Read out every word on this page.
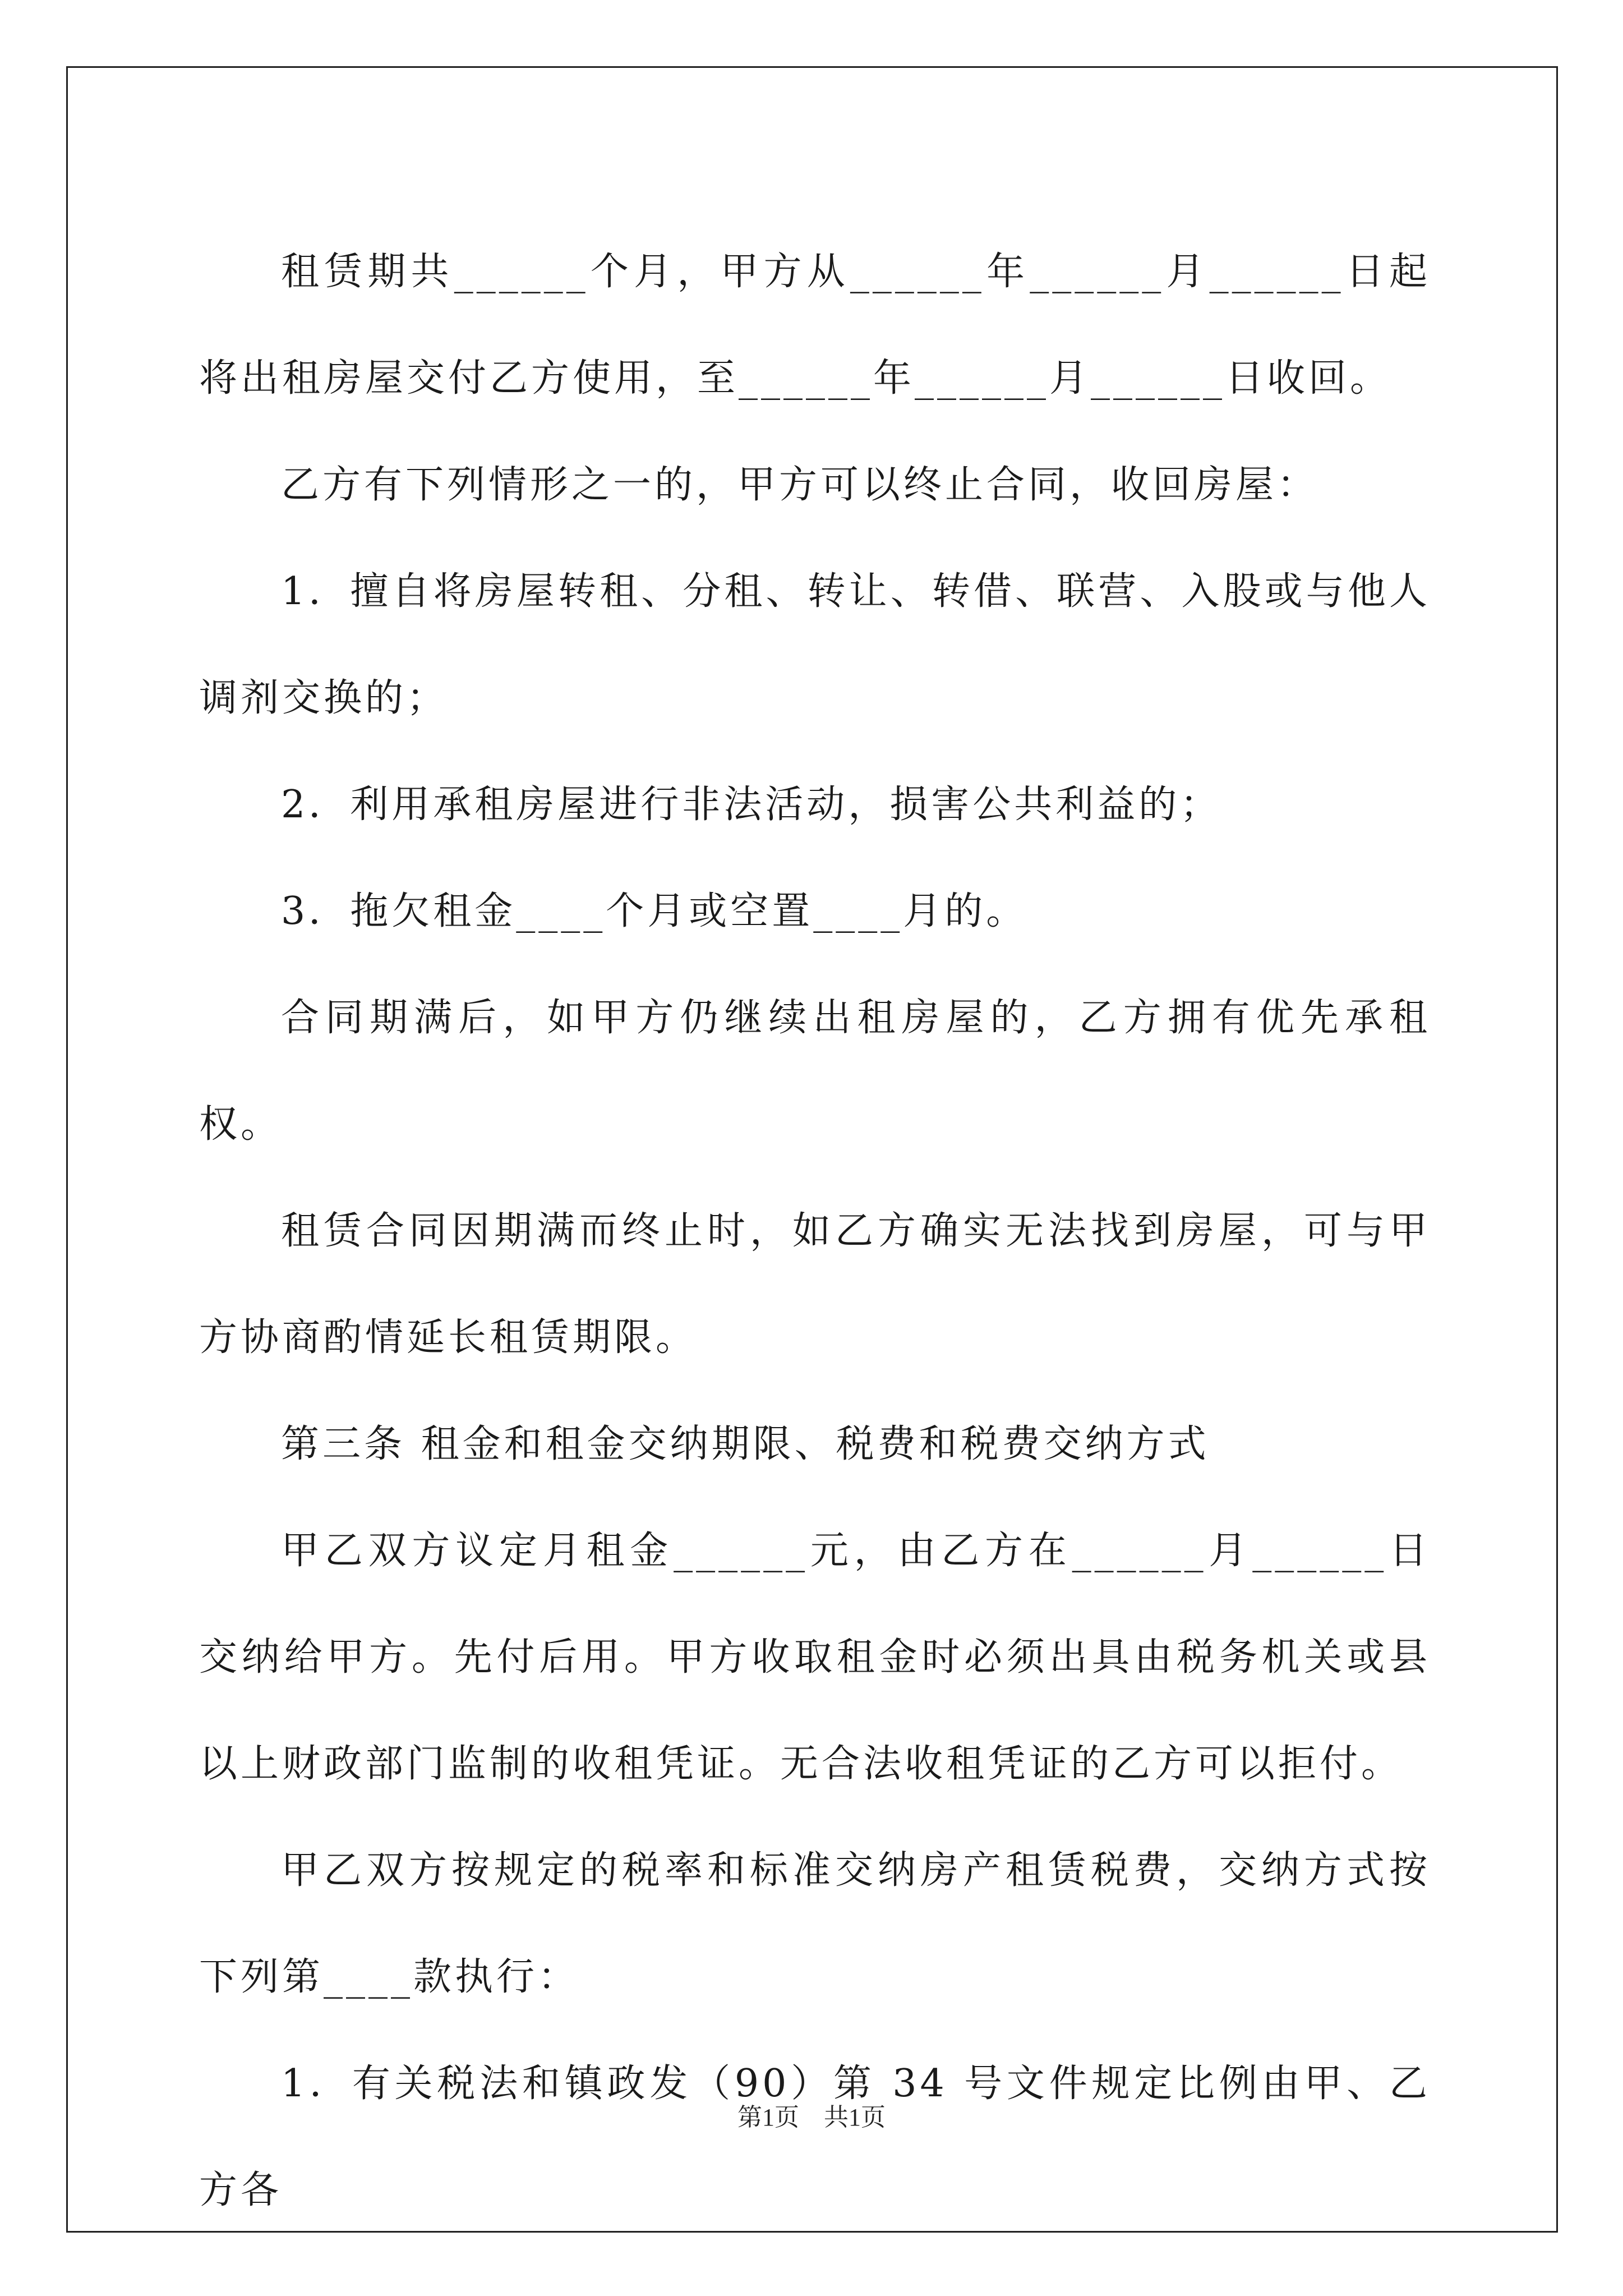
租赁期共______个月，甲方从______年______月______日起将出租房屋交付乙方使用，至______年______月______日收回。

乙方有下列情形之一的，甲方可以终止合同，收回房屋：

1．擅自将房屋转租、分租、转让、转借、联营、入股或与他人调剂交换的；

2．利用承租房屋进行非法活动，损害公共利益的；

3．拖欠租金____个月或空置____月的。

合同期满后，如甲方仍继续出租房屋的，乙方拥有优先承租权。

租赁合同因期满而终止时，如乙方确实无法找到房屋，可与甲方协商酌情延长租赁期限。

第三条 租金和租金交纳期限、税费和税费交纳方式

甲乙双方议定月租金______元，由乙方在______月______日交纳给甲方。先付后用。甲方收取租金时必须出具由税务机关或县以上财政部门监制的收租凭证。无合法收租凭证的乙方可以拒付。

甲乙双方按规定的税率和标准交纳房产租赁税费，交纳方式按下列第____款执行：

1．有关税法和镇政发（90）第 34 号文件规定比例由甲、乙方各

第1页　共1页
